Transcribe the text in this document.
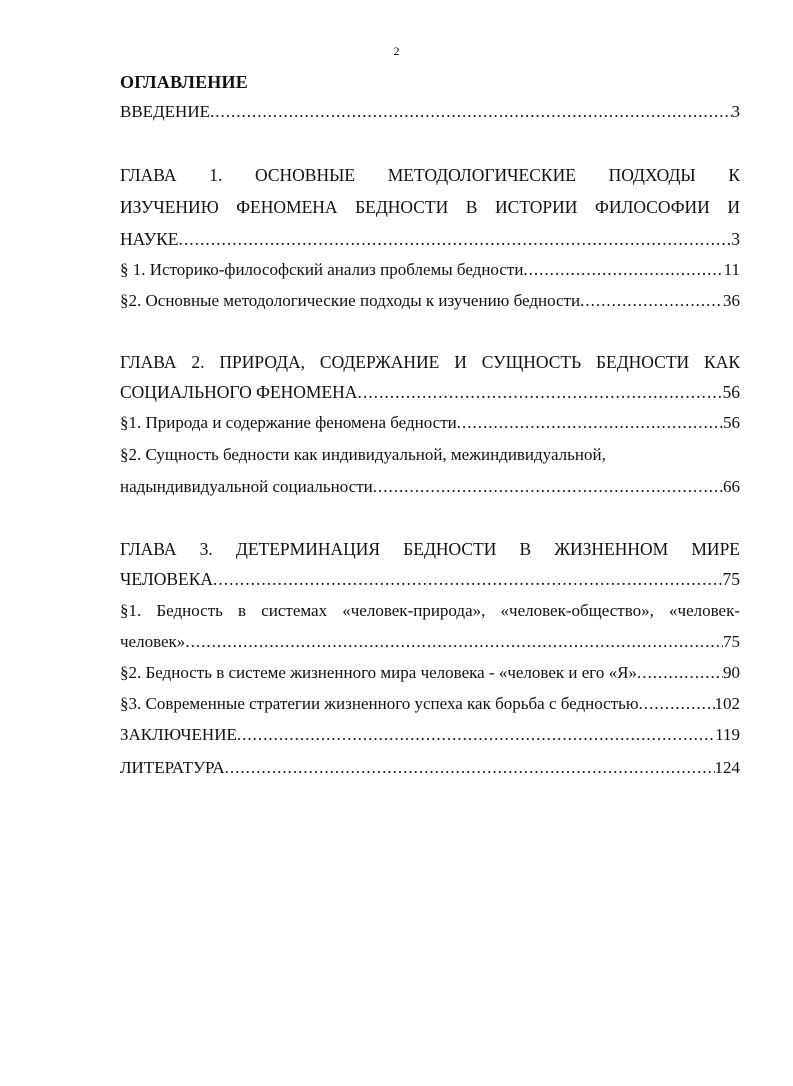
2
ОГЛАВЛЕНИЕ
ВВЕДЕНИЕ .....	3
ГЛАВА 1. ОСНОВНЫЕ МЕТОДОЛОГИЧЕСКИЕ ПОДХОДЫ К
ИЗУЧЕНИЮ ФЕНОМЕНА БЕДНОСТИ В ИСТОРИИ ФИЛОСОФИИ И
НАУКЕ .....	3
§ 1. Историко-философский анализ проблемы бедности .....	11
§2. Основные методологические подходы к изучению бедности .....	36
ГЛАВА 2. ПРИРОДА, СОДЕРЖАНИЕ И СУЩНОСТЬ БЕДНОСТИ КАК
СОЦИАЛЬНОГО ФЕНОМЕНА .....	56
§1. Природа и содержание феномена бедности .....	56
§2. Сущность бедности как индивидуальной, межиндивидуальной,
надындивидуальной социальности .....	66
ГЛАВА 3. ДЕТЕРМИНАЦИЯ БЕДНОСТИ В ЖИЗНЕННОМ МИРЕ
ЧЕЛОВЕКА .....	75
§1. Бедность в системах «человек-природа», «человек-общество», «человек-
человек» .....	75
§2. Бедность в системе жизненного мира человека - «человек и его «Я» .....	90
§3. Современные стратегии жизненного успеха как борьба с бедностью .....	102
ЗАКЛЮЧЕНИЕ .....	119
ЛИТЕРАТУРА .....	124
